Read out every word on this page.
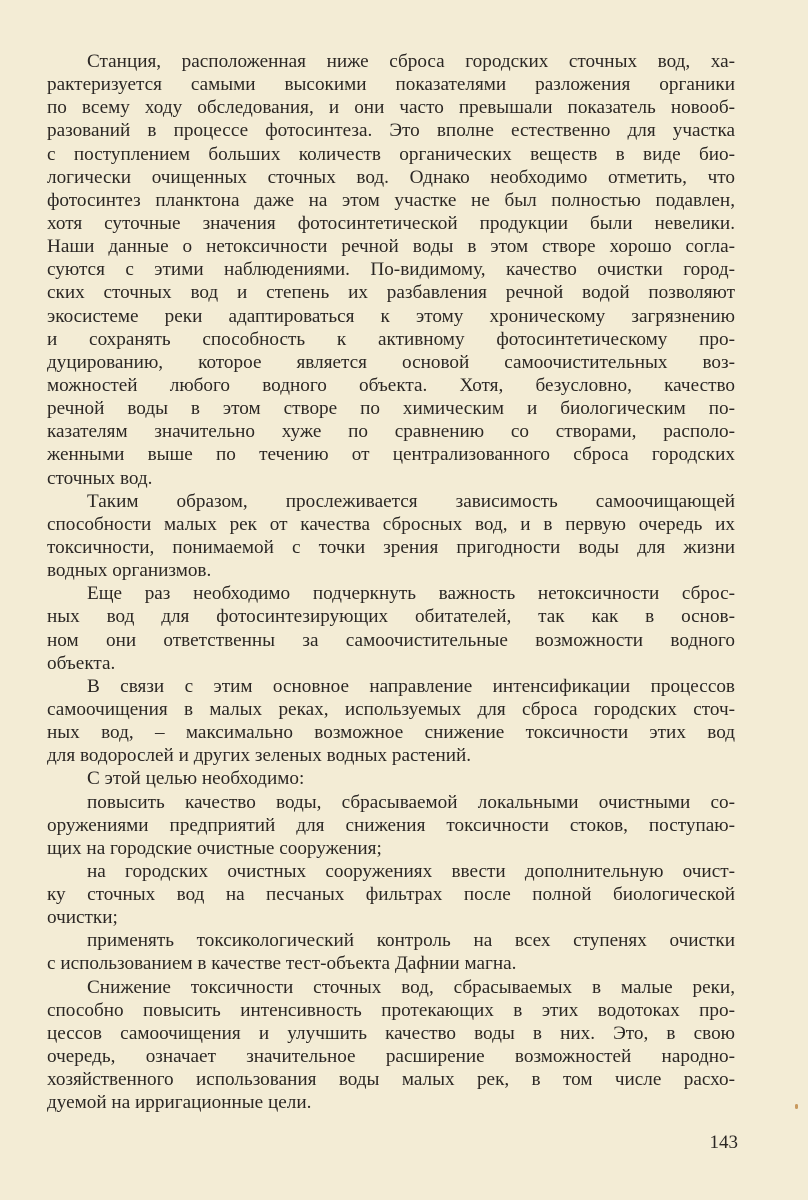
Станция, расположенная ниже сброса городских сточных вод, ха-
рактеризуется самыми высокими показателями разложения органики
по всему ходу обследования, и они часто превышали показатель новооб-
разований в процессе фотосинтеза. Это вполне естественно для участка
с поступлением больших количеств органических веществ в виде био-
логически очищенных сточных вод. Однако необходимо отметить, что
фотосинтез планктона даже на этом участке не был полностью подавлен,
хотя суточные значения фотосинтетической продукции были невелики.
Наши данные о нетоксичности речной воды в этом створе хорошо согла-
суются с этими наблюдениями. По-видимому, качество очистки город-
ских сточных вод и степень их разбавления речной водой позволяют
экосистеме реки адаптироваться к этому хроническому загрязнению
и сохранять способность к активному фотосинтетическому про-
дуцированию, которое является основой самоочистительных воз-
можностей любого водного объекта. Хотя, безусловно, качество
речной воды в этом створе по химическим и биологическим по-
казателям значительно хуже по сравнению со створами, располо-
женными выше по течению от централизованного сброса городских
сточных вод.
Таким образом, прослеживается зависимость самоочищающей
способности малых рек от качества сбросных вод, и в первую очередь их
токсичности, понимаемой с точки зрения пригодности воды для жизни
водных организмов.
Еще раз необходимо подчеркнуть важность нетоксичности сброс-
ных вод для фотосинтезирующих обитателей, так как в основ-
ном они ответственны за самоочистительные возможности водного
объекта.
В связи с этим основное направление интенсификации процессов
самоочищения в малых реках, используемых для сброса городских сточ-
ных вод, – максимально возможное снижение токсичности этих вод
для водорослей и других зеленых водных растений.
С этой целью необходимо:
повысить качество воды, сбрасываемой локальными очистными со-
оружениями предприятий для снижения токсичности стоков, поступаю-
щих на городские очистные сооружения;
на городских очистных сооружениях ввести дополнительную очист-
ку сточных вод на песчаных фильтрах после полной биологической
очистки;
применять токсикологический контроль на всех ступенях очистки
с использованием в качестве тест-объекта Дафнии магна.
Снижение токсичности сточных вод, сбрасываемых в малые реки,
способно повысить интенсивность протекающих в этих водотоках про-
цессов самоочищения и улучшить качество воды в них. Это, в свою
очередь, означает значительное расширение возможностей народно-
хозяйственного использования воды малых рек, в том числе расхо-
дуемой на ирригационные цели.
143
